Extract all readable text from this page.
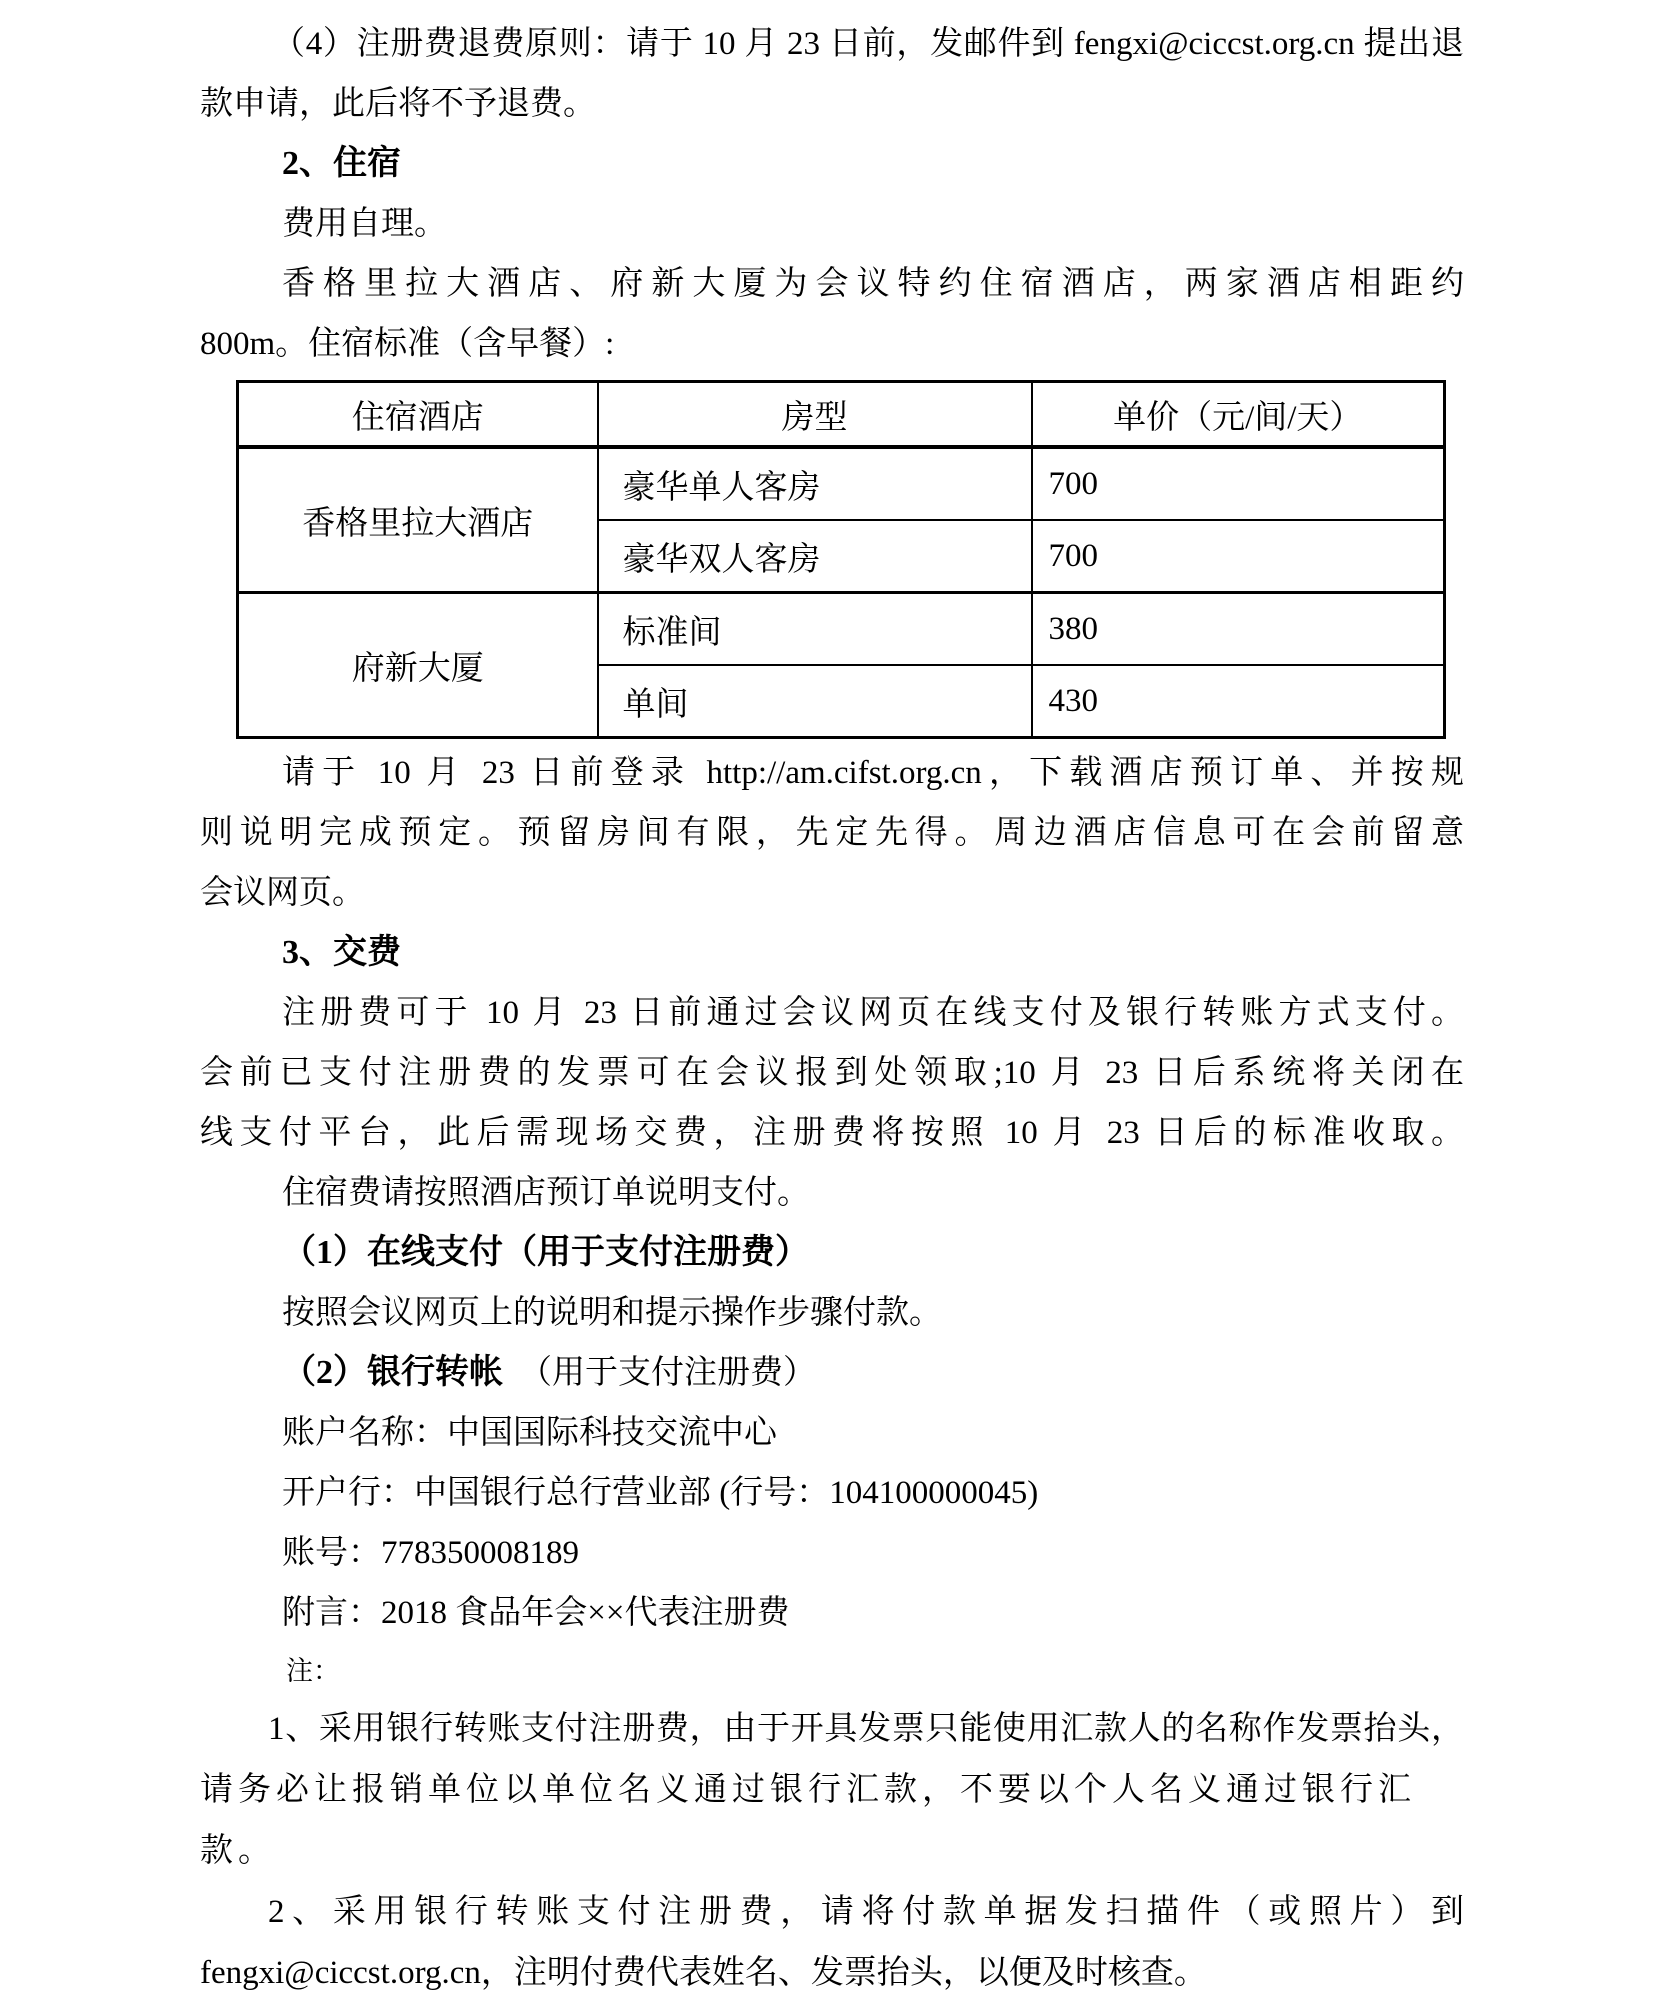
（4）注册费退费原则：请于 10 月 23 日前，发邮件到 fengxi@ciccst.org.cn 提出退

款申请，此后将不予退费。

2、住宿

费用自理。

香格里拉大酒店、府新大厦为会议特约住宿酒店，两家酒店相距约

800m。住宿标准（含早餐）:

住宿酒店	房型	单价（元/间/天）
香格里拉大酒店	豪华单人客房	700
	豪华双人客房	700
府新大厦	标准间	380
	单间	430

请于 10 月 23 日前登录 http://am.cifst.org.cn，下载酒店预订单、并按规

则说明完成预定。预留房间有限，先定先得。周边酒店信息可在会前留意

会议网页。

3、交费

注册费可于 10 月 23 日前通过会议网页在线支付及银行转账方式支付。

会前已支付注册费的发票可在会议报到处领取;10 月 23 日后系统将关闭在

线支付平台，此后需现场交费，注册费将按照 10 月 23 日后的标准收取。

住宿费请按照酒店预订单说明支付。

（1）在线支付（用于支付注册费）

按照会议网页上的说明和提示操作步骤付款。

（2）银行转帐 （用于支付注册费）

账户名称：中国国际科技交流中心

开户行：中国银行总行营业部 (行号：104100000045)

账号：778350008189

附言：2018 食品年会××代表注册费

注：

1、采用银行转账支付注册费，由于开具发票只能使用汇款人的名称作发票抬头，

请务必让报销单位以单位名义通过银行汇款，不要以个人名义通过银行汇款。

2、采用银行转账支付注册费，请将付款单据发扫描件（或照片）到

fengxi@ciccst.org.cn，注明付费代表姓名、发票抬头，以便及时核查。
